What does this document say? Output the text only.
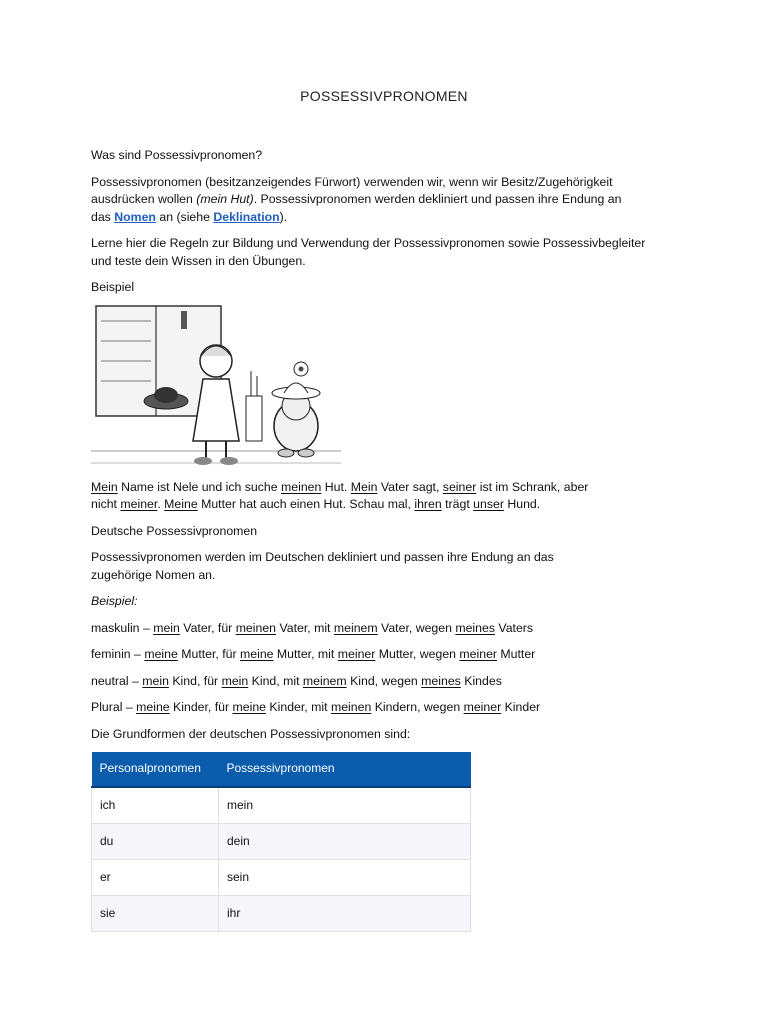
POSSESSIVPRONOMEN

Was sind Possessivpronomen?

Possessivpronomen (besitzanzeigendes Fürwort) verwenden wir, wenn wir Besitz/Zugehörigkeit
ausdrücken wollen (mein Hut). Possessivpronomen werden dekliniert und passen ihre Endung an
das Nomen an (siehe Deklination).

Lerne hier die Regeln zur Bildung und Verwendung der Possessivpronomen sowie Possessivbegleiter
und teste dein Wissen in den Übungen.

Beispiel

Mein Name ist Nele und ich suche meinen Hut. Mein Vater sagt, seiner ist im Schrank, aber
nicht meiner. Meine Mutter hat auch einen Hut. Schau mal, ihren trägt unser Hund.

Deutsche Possessivpronomen

Possessivpronomen werden im Deutschen dekliniert und passen ihre Endung an das
zugehörige Nomen an.

Beispiel:

maskulin – mein Vater, für meinen Vater, mit meinem Vater, wegen meines Vaters

feminin – meine Mutter, für meine Mutter, mit meiner Mutter, wegen meiner Mutter

neutral – mein Kind, für mein Kind, mit meinem Kind, wegen meines Kindes

Plural – meine Kinder, für meine Kinder, mit meinen Kindern, wegen meiner Kinder

Die Grundformen der deutschen Possessivpronomen sind:

Personalpronomen	Possessivpronomen
ich	mein
du	dein
er	sein
sie	ihr
